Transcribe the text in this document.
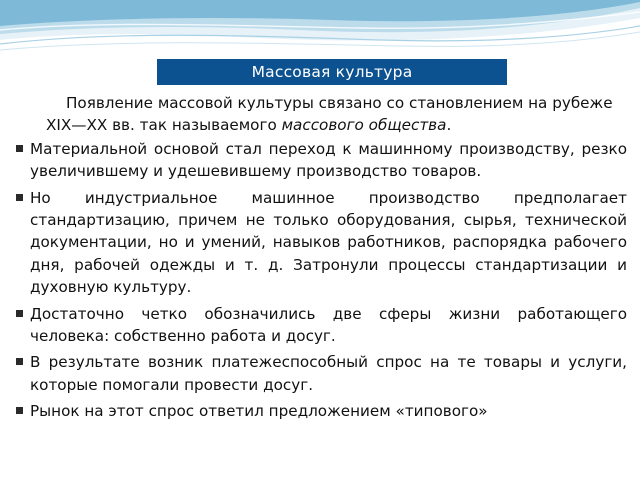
Массовая культура

Появление массовой культуры связано со становлением на рубеже XIX—XX вв. так называемого массового общества.

Материальной основой стал переход к машинному производству, резко увеличившему и удешевившему производство товаров.
Но индустриальное машинное производство предполагает стандартизацию, причем не только оборудования, сырья, технической документации, но и умений, навыков работников, распорядка рабочего дня, рабочей одежды и т. д. Затронули процессы стандартизации и духовную культуру.
Достаточно четко обозначились две сферы жизни работающего человека: собственно работа и досуг.
В результате возник платежеспособный спрос на те товары и услуги, которые помогали провести досуг.
Рынок на этот спрос ответил предложением «типового»
